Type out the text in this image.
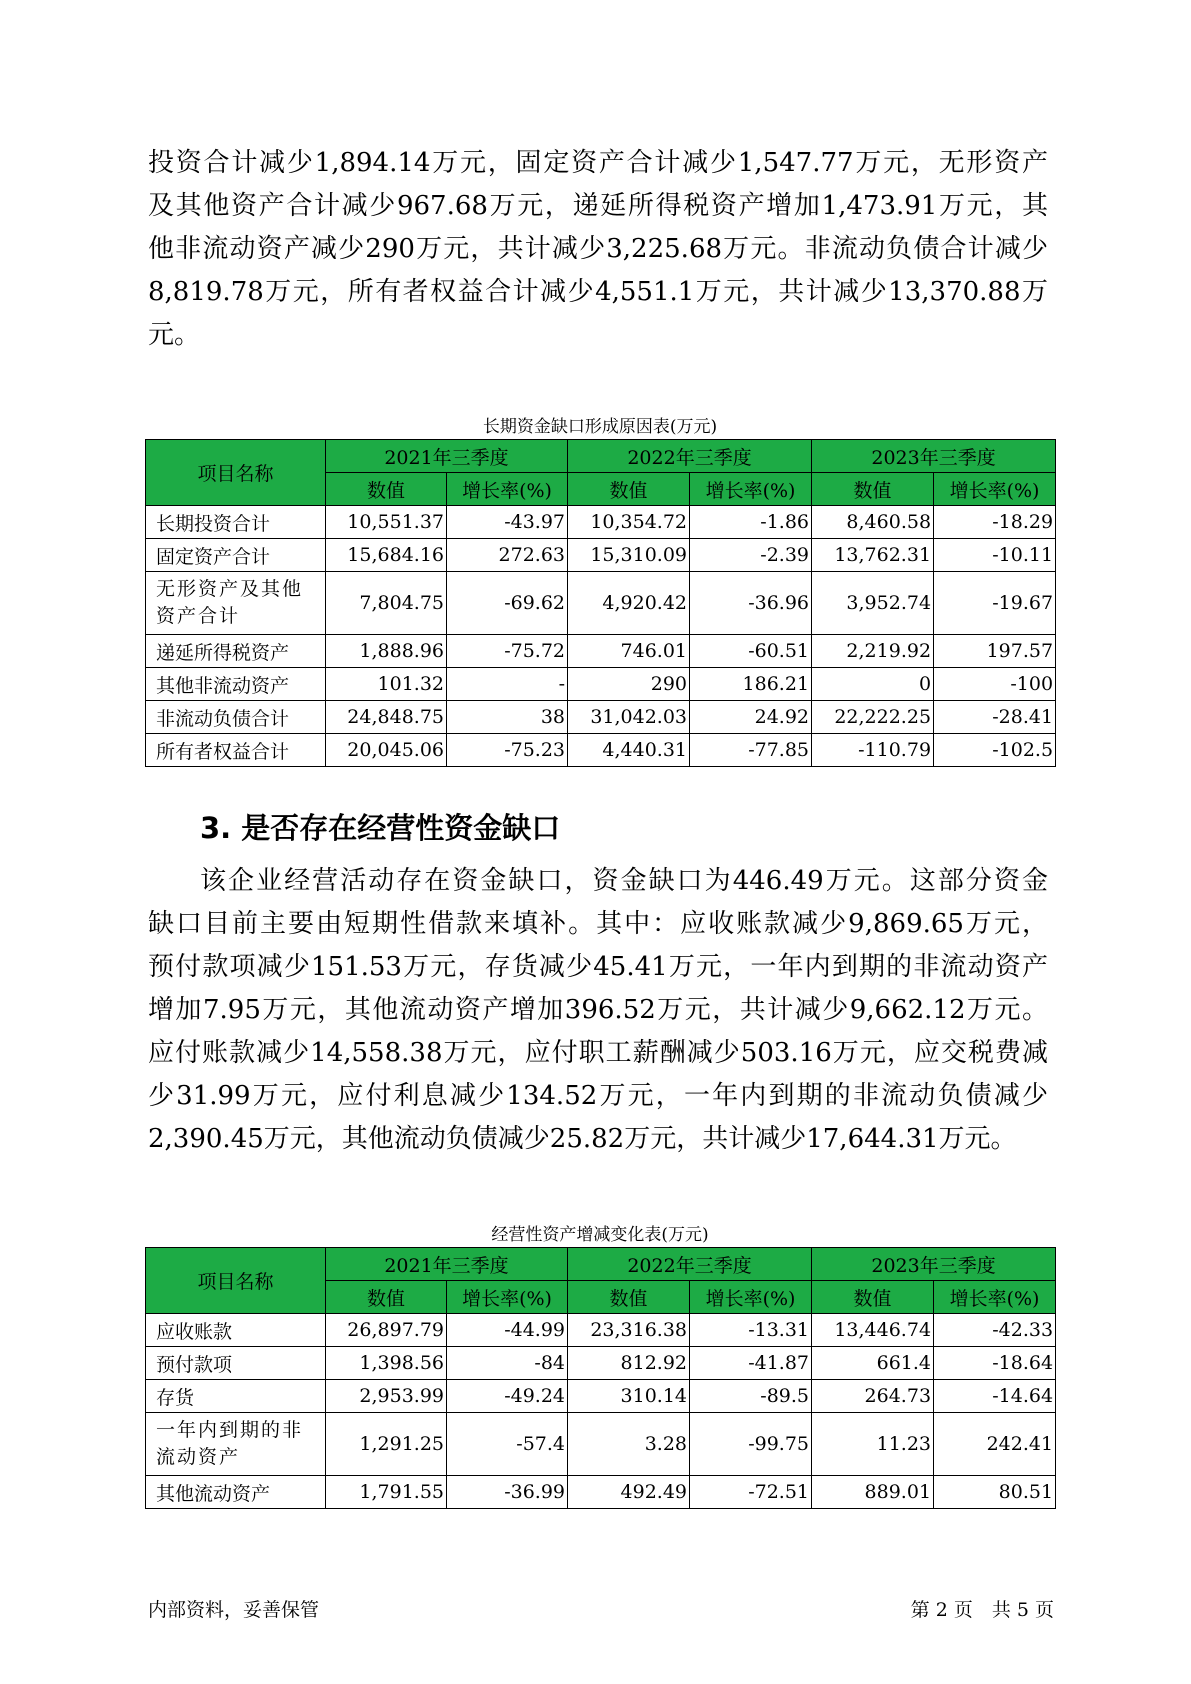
投资合计减少1,894.14万元，固定资产合计减少1,547.77万元，无形资产
及其他资产合计减少967.68万元，递延所得税资产增加1,473.91万元，其
他非流动资产减少290万元，共计减少3,225.68万元。非流动负债合计减少
8,819.78万元，所有者权益合计减少4,551.1万元，共计减少13,370.88万
元。
长期资金缺口形成原因表(万元)
项目名称	2021年三季度		2022年三季度		2023年三季度	
	数值	增长率(%)	数值	增长率(%)	数值	增长率(%)
长期投资合计	10,551.37	-43.97	10,354.72	-1.86	8,460.58	-18.29
固定资产合计	15,684.16	272.63	15,310.09	-2.39	13,762.31	-10.11
无形资产及其他资产合计	7,804.75	-69.62	4,920.42	-36.96	3,952.74	-19.67
递延所得税资产	1,888.96	-75.72	746.01	-60.51	2,219.92	197.57
其他非流动资产	101.32	-	290	186.21	0	-100
非流动负债合计	24,848.75	38	31,042.03	24.92	22,222.25	-28.41
所有者权益合计	20,045.06	-75.23	4,440.31	-77.85	-110.79	-102.5
3. 是否存在经营性资金缺口
该企业经营活动存在资金缺口，资金缺口为446.49万元。这部分资金
缺口目前主要由短期性借款来填补。其中：应收账款减少9,869.65万元，
预付款项减少151.53万元，存货减少45.41万元，一年内到期的非流动资产
增加7.95万元，其他流动资产增加396.52万元，共计减少9,662.12万元。
应付账款减少14,558.38万元，应付职工薪酬减少503.16万元，应交税费减
少31.99万元，应付利息减少134.52万元，一年内到期的非流动负债减少
2,390.45万元，其他流动负债减少25.82万元，共计减少17,644.31万元。
经营性资产增减变化表(万元)
项目名称	2021年三季度		2022年三季度		2023年三季度	
	数值	增长率(%)	数值	增长率(%)	数值	增长率(%)
应收账款	26,897.79	-44.99	23,316.38	-13.31	13,446.74	-42.33
预付款项	1,398.56	-84	812.92	-41.87	661.4	-18.64
存货	2,953.99	-49.24	310.14	-89.5	264.73	-14.64
一年内到期的非流动资产	1,291.25	-57.4	3.28	-99.75	11.23	242.41
其他流动资产	1,791.55	-36.99	492.49	-72.51	889.01	80.51
内部资料，妥善保管	第 2 页　共 5 页
